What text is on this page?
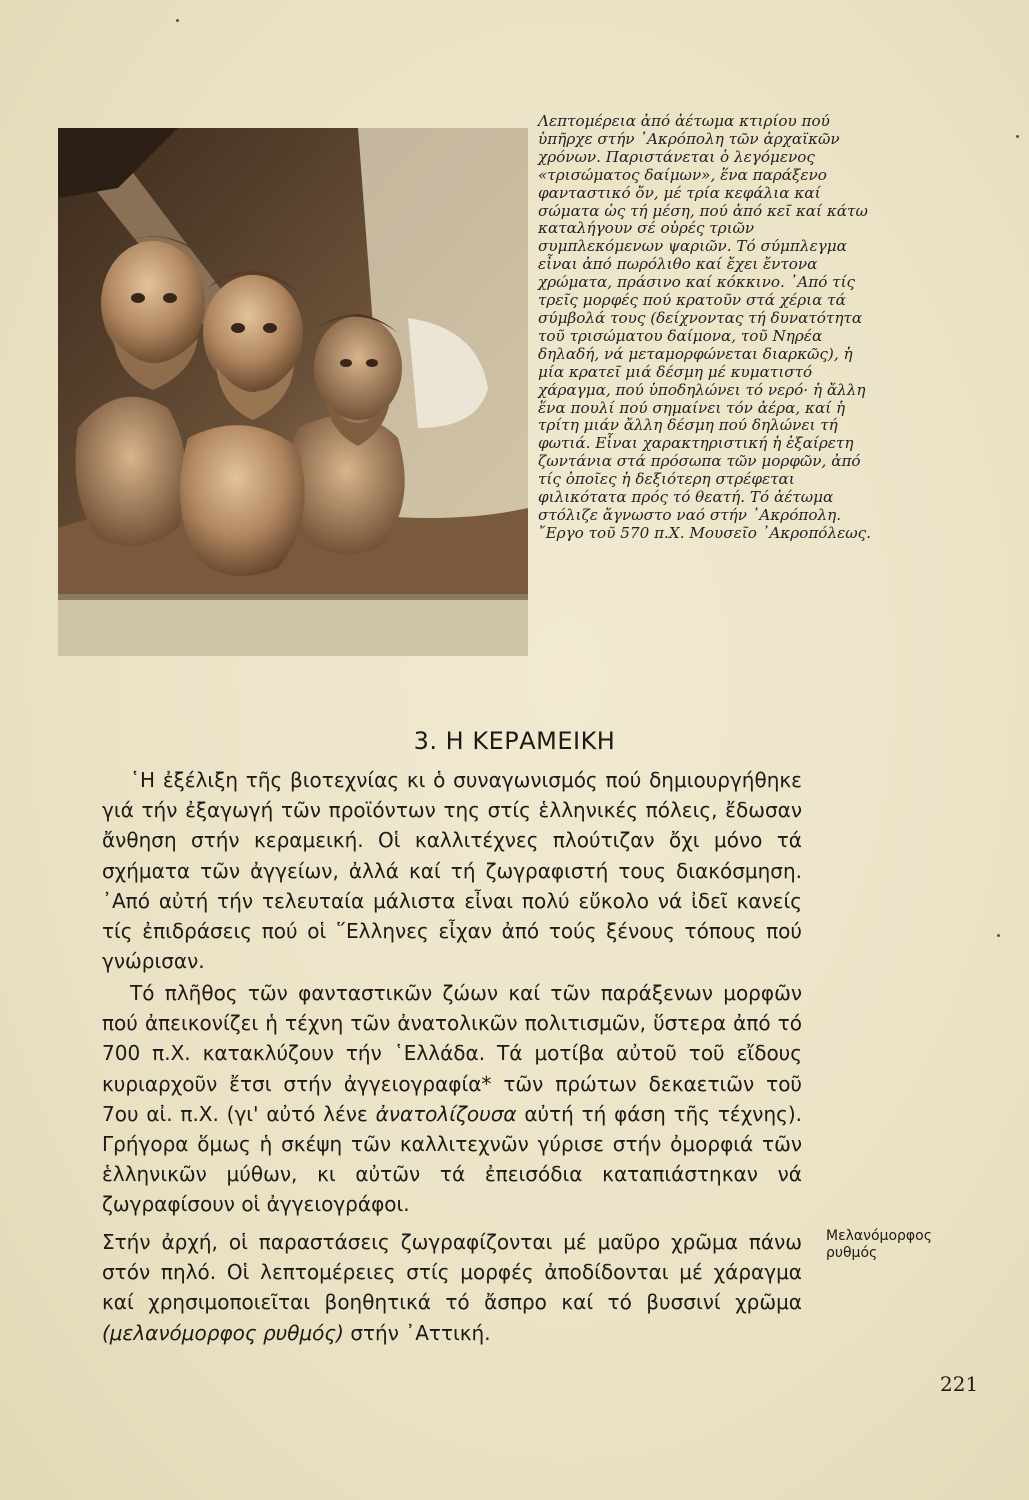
Λεπτομέρεια ἀπό ἀέτωμα κτιρίου πού ὑπῆρχε στήν ᾿Ακρόπολη τῶν ἀρχαϊκῶν χρόνων. Παριστάνεται ὁ λεγόμενος «τρισώματος δαίμων», ἕνα παράξενο φανταστικό ὄν, μέ τρία κεφάλια καί σώματα ὡς τή μέση, πού ἀπό κεῖ καί κάτω καταλήγουν σέ οὐρές τριῶν συμπλεκόμενων ψαριῶν. Τό σύμπλεγμα εἶναι ἀπό πωρόλιθο καί ἔχει ἔντονα χρώματα, πράσινο καί κόκκινο. ᾿Από τίς τρεῖς μορφές πού κρατοῦν στά χέρια τά σύμβολά τους (δείχνοντας τή δυνατότητα τοῦ τρισώματου δαίμονα, τοῦ Νηρέα δηλαδή, νά μεταμορφώνεται διαρκῶς), ἡ μία κρατεῖ μιά δέσμη μέ κυματιστό χάραγμα, πού ὑποδηλώνει τό νερό· ἡ ἄλλη ἕνα πουλί πού σημαίνει τόν ἀέρα, καί ἡ τρίτη μιάν ἄλλη δέσμη πού δηλώνει τή φωτιά. Εἶναι χαρακτηριστική ἡ ἐξαίρετη ζωντάνια στά πρόσωπα τῶν μορφῶν, ἀπό τίς ὁποῖες ἡ δεξιότερη στρέφεται φιλικότατα πρός τό θεατή. Τό ἀέτωμα στόλιζε ἄγνωστο ναό στήν ᾿Ακρόπολη. ῎Εργο τοῦ 570 π.Χ. Μουσεῖο ᾿Ακροπόλεως.

3. Η ΚΕΡΑΜΕΙΚΗ

῾Η ἐξέλιξη τῆς βιοτεχνίας κι ὁ συναγωνισμός πού δημιουργήθηκε γιά τήν ἐξαγωγή τῶν προϊόντων της στίς ἑλληνικές πόλεις, ἔδωσαν ἄνθηση στήν κεραμεική. Οἱ καλλιτέχνες πλούτιζαν ὄχι μόνο τά σχήματα τῶν ἀγγείων, ἀλλά καί τή ζωγραφιστή τους διακόσμηση. ᾿Από αὐτή τήν τελευταία μάλιστα εἶναι πολύ εὔκολο νά ἰδεῖ κανείς τίς ἐπιδράσεις πού οἱ ῞Ελληνες εἶχαν ἀπό τούς ξένους τόπους πού γνώρισαν.

Τό πλῆθος τῶν φανταστικῶν ζώων καί τῶν παράξενων μορφῶν πού ἀπεικονίζει ἡ τέχνη τῶν ἀνατολικῶν πολιτισμῶν, ὕστερα ἀπό τό 700 π.Χ. κατακλύζουν τήν ῾Ελλάδα. Τά μοτίβα αὐτοῦ τοῦ εἴδους κυριαρχοῦν ἔτσι στήν ἀγγειογραφία* τῶν πρώτων δεκαετιῶν τοῦ 7ου αἰ. π.Χ. (γι' αὐτό λένε ἀνατολίζουσα αὐτή τή φάση τῆς τέχνης). Γρήγορα ὅμως ἡ σκέψη τῶν καλλιτεχνῶν γύρισε στήν ὀμορφιά τῶν ἑλληνικῶν μύθων, κι αὐτῶν τά ἐπεισόδια καταπιάστηκαν νά ζωγραφίσουν οἱ ἀγγειογράφοι.

Στήν ἀρχή, οἱ παραστάσεις ζωγραφίζονται μέ μαῦρο χρῶμα πάνω στόν πηλό. Οἱ λεπτομέρειες στίς μορφές ἀποδίδονται μέ χάραγμα καί χρησιμοποιεῖται βοηθητικά τό ἄσπρο καί τό βυσσινί χρῶμα (μελανόμορφος ρυθμός) στήν ᾿Αττική.

Μελανόμορφος ρυθμός

221
